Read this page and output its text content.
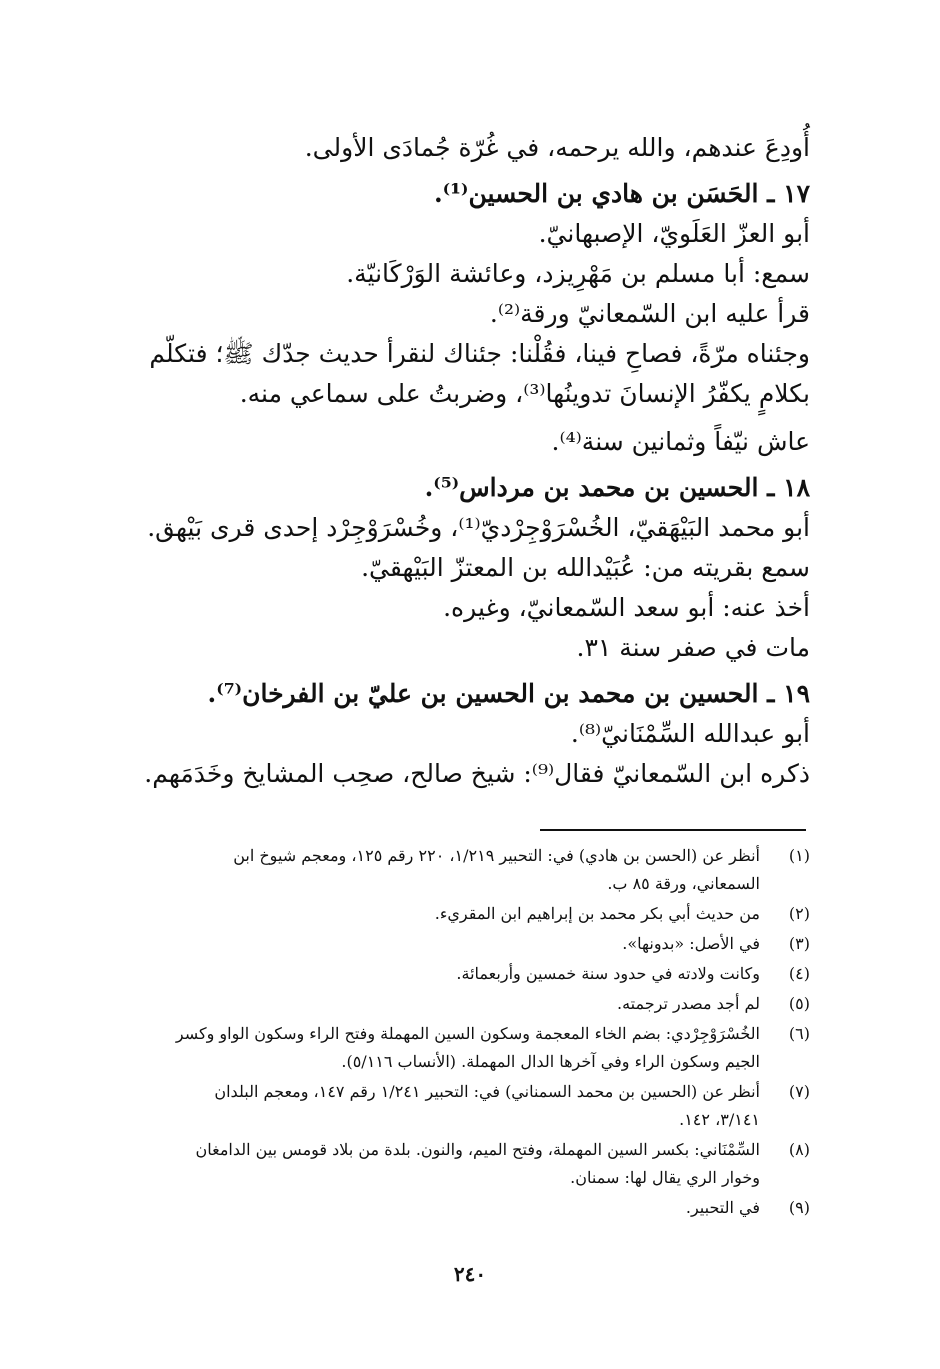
أُودِعَ عندهم، والله يرحمه، في غُرّة جُمادَى الأولى.
١٧ ـ الحَسَن بن هادي بن الحسين⁽¹⁾.
أبو العزّ العَلَويّ، الإصبهانيّ.
سمع: أبا مسلم بن مَهْرِيزد، وعائشة الوَرْكَانيّة.
قرأ عليه ابن السّمعانيّ ورقة⁽²⁾.
وجئناه مرّةً، فصاحِ فينا، فقُلْنا: جئناك لنقرأ حديث جدّك ﷺ؛ فتكلّم
بكلامٍ يكفّرُ الإنسانَ تدوينُها⁽³⁾، وضربتُ على سماعي منه.
عاش نيّفاً وثمانين سنة⁽⁴⁾.
١٨ ـ الحسين بن محمد بن مرداس⁽⁵⁾.
أبو محمد البَيْهَقيّ، الخُسْرَوْجِرْديّ⁽¹⁾، وخُسْرَوْجِرْد إحدى قرى بَيْهق.
سمع بقريته من: عُبَيْدالله بن المعتزّ البَيْهقيّ.
أخذ عنه: أبو سعد السّمعانيّ، وغيره.
مات في صفر سنة ٣١.
١٩ ـ الحسين بن محمد بن الحسين بن عليّ بن الفرخان⁽⁷⁾.
أبو عبدالله السِّمْنَانيّ⁽⁸⁾.
ذكره ابن السّمعانيّ فقال⁽⁹⁾: شيخ صالح، صحِب المشايخ وخَدَمَهم.
(١)
أنظر عن (الحسن بن هادي) في: التحبير ١/٢١٩، ٢٢٠ رقم ١٢٥، ومعجم شيوخ ابن
السمعاني، ورقة ٨٥ ب.
(٢)
من حديث أبي بكر محمد بن إبراهيم ابن المقريء.
(٣)
في الأصل: «بدونها».
(٤)
وكانت ولادته في حدود سنة خمسين وأربعمائة.
(٥)
لم أجد مصدر ترجمته.
(٦)
الخُسْرَوْجِرْدي: بضم الخاء المعجمة وسكون السين المهملة وفتح الراء وسكون الواو وكسر
الجيم وسكون الراء وفي آخرها الدال المهملة. (الأنساب ٥/١١٦).
(٧)
أنظر عن (الحسين بن محمد السمناني) في: التحبير ١/٢٤١ رقم ١٤٧، ومعجم البلدان
٣/١٤١، ١٤٢.
(٨)
السِّمْنَاني: بكسر السين المهملة، وفتح الميم، والنون. بلدة من بلاد قومس بين الدامغان
وخوار الري يقال لها: سمنان.
(٩)
في التحبير.
٢٤٠
